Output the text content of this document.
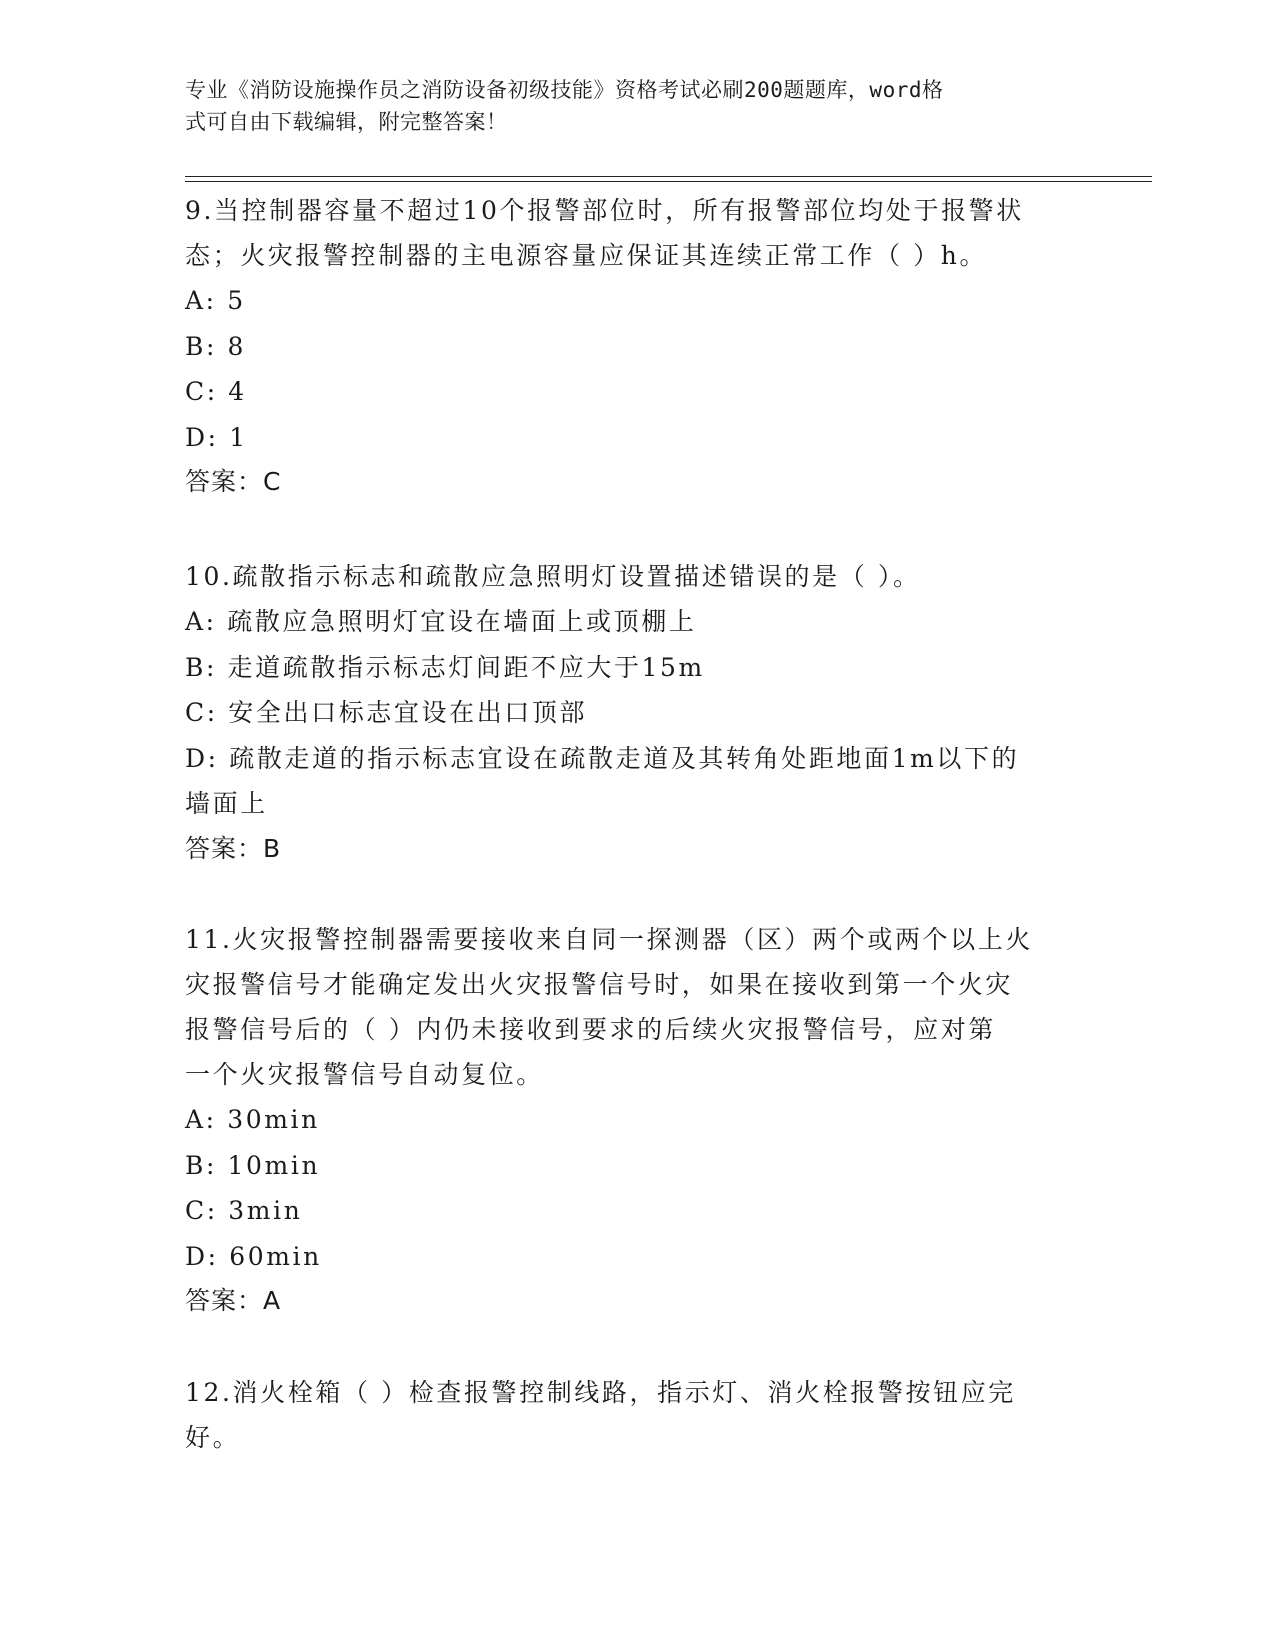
专业《消防设施操作员之消防设备初级技能》资格考试必刷200题题库，word格
式可自由下载编辑，附完整答案！

9.当控制器容量不超过10个报警部位时，所有报警部位均处于报警状

态；火灾报警控制器的主电源容量应保证其连续正常工作（ ）h。

A: 5

B: 8

C: 4

D: 1

答案：C

10.疏散指示标志和疏散应急照明灯设置描述错误的是（ ）。

A: 疏散应急照明灯宜设在墙面上或顶棚上

B: 走道疏散指示标志灯间距不应大于15m

C: 安全出口标志宜设在出口顶部

D: 疏散走道的指示标志宜设在疏散走道及其转角处距地面1m以下的

墙面上

答案：B

11.火灾报警控制器需要接收来自同一探测器（区）两个或两个以上火

灾报警信号才能确定发出火灾报警信号时，如果在接收到第一个火灾

报警信号后的（ ）内仍未接收到要求的后续火灾报警信号，应对第

一个火灾报警信号自动复位。

A: 30min

B: 10min

C: 3min

D: 60min

答案：A

12.消火栓箱（ ）检查报警控制线路，指示灯、消火栓报警按钮应完

好。
